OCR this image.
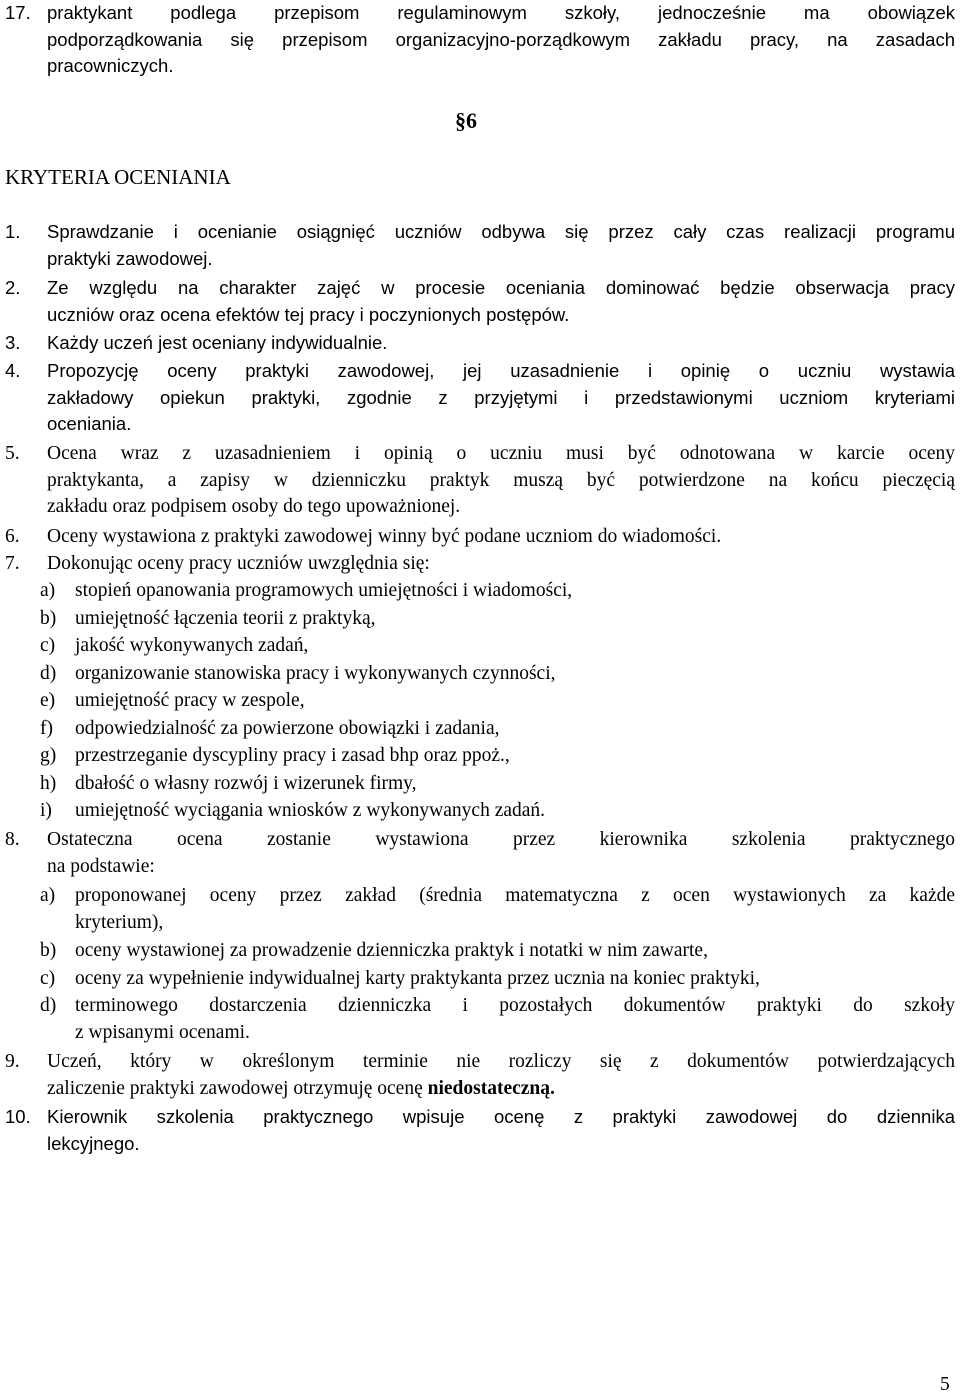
17. praktykant podlega przepisom regulaminowym szkoły, jednocześnie ma obowiązek
podporządkowania się przepisom organizacyjno-porządkowym zakładu pracy, na zasadach
pracowniczych.
§6
KRYTERIA OCENIANIA
1. Sprawdzanie i ocenianie osiągnięć uczniów odbywa się przez cały czas realizacji programu
praktyki zawodowej.
2. Ze względu na charakter zajęć w procesie oceniania dominować będzie obserwacja pracy
uczniów oraz ocena efektów tej pracy i poczynionych postępów.
3. Każdy uczeń jest oceniany indywidualnie.
4. Propozycję oceny praktyki zawodowej, jej uzasadnienie i opinię o uczniu wystawia
zakładowy opiekun praktyki, zgodnie z przyjętymi i przedstawionymi uczniom kryteriami
oceniania.
5. Ocena wraz z uzasadnieniem i opinią o uczniu musi być odnotowana w karcie oceny
praktykanta, a zapisy w dzienniczku praktyk muszą być potwierdzone na końcu pieczęcią
zakładu oraz podpisem osoby do tego upoważnionej.
6. Oceny wystawiona z praktyki zawodowej winny być podane uczniom do wiadomości.
7. Dokonując oceny pracy uczniów uwzględnia się:
a) stopień opanowania programowych umiejętności i wiadomości,
b) umiejętność łączenia teorii z praktyką,
c) jakość wykonywanych zadań,
d) organizowanie stanowiska pracy i wykonywanych czynności,
e) umiejętność pracy w zespole,
f) odpowiedzialność za powierzone obowiązki i zadania,
g) przestrzeganie dyscypliny pracy i zasad bhp oraz ppoż.,
h) dbałość o własny rozwój i wizerunek firmy,
i) umiejętność wyciągania wniosków z wykonywanych zadań.
8. Ostateczna ocena zostanie wystawiona przez kierownika szkolenia praktycznego
na podstawie:
a) proponowanej oceny przez zakład (średnia matematyczna z ocen wystawionych za każde
kryterium),
b) oceny wystawionej za prowadzenie dzienniczka praktyk i notatki w nim zawarte,
c) oceny za wypełnienie indywidualnej karty praktykanta przez ucznia na koniec praktyki,
d) terminowego dostarczenia dzienniczka i pozostałych dokumentów praktyki do szkoły
z wpisanymi ocenami.
9. Uczeń, który w określonym terminie nie rozliczy się z dokumentów potwierdzających
zaliczenie praktyki zawodowej otrzymuję ocenę niedostateczną.
10. Kierownik szkolenia praktycznego wpisuje ocenę z praktyki zawodowej do dziennika
lekcyjnego.
5
